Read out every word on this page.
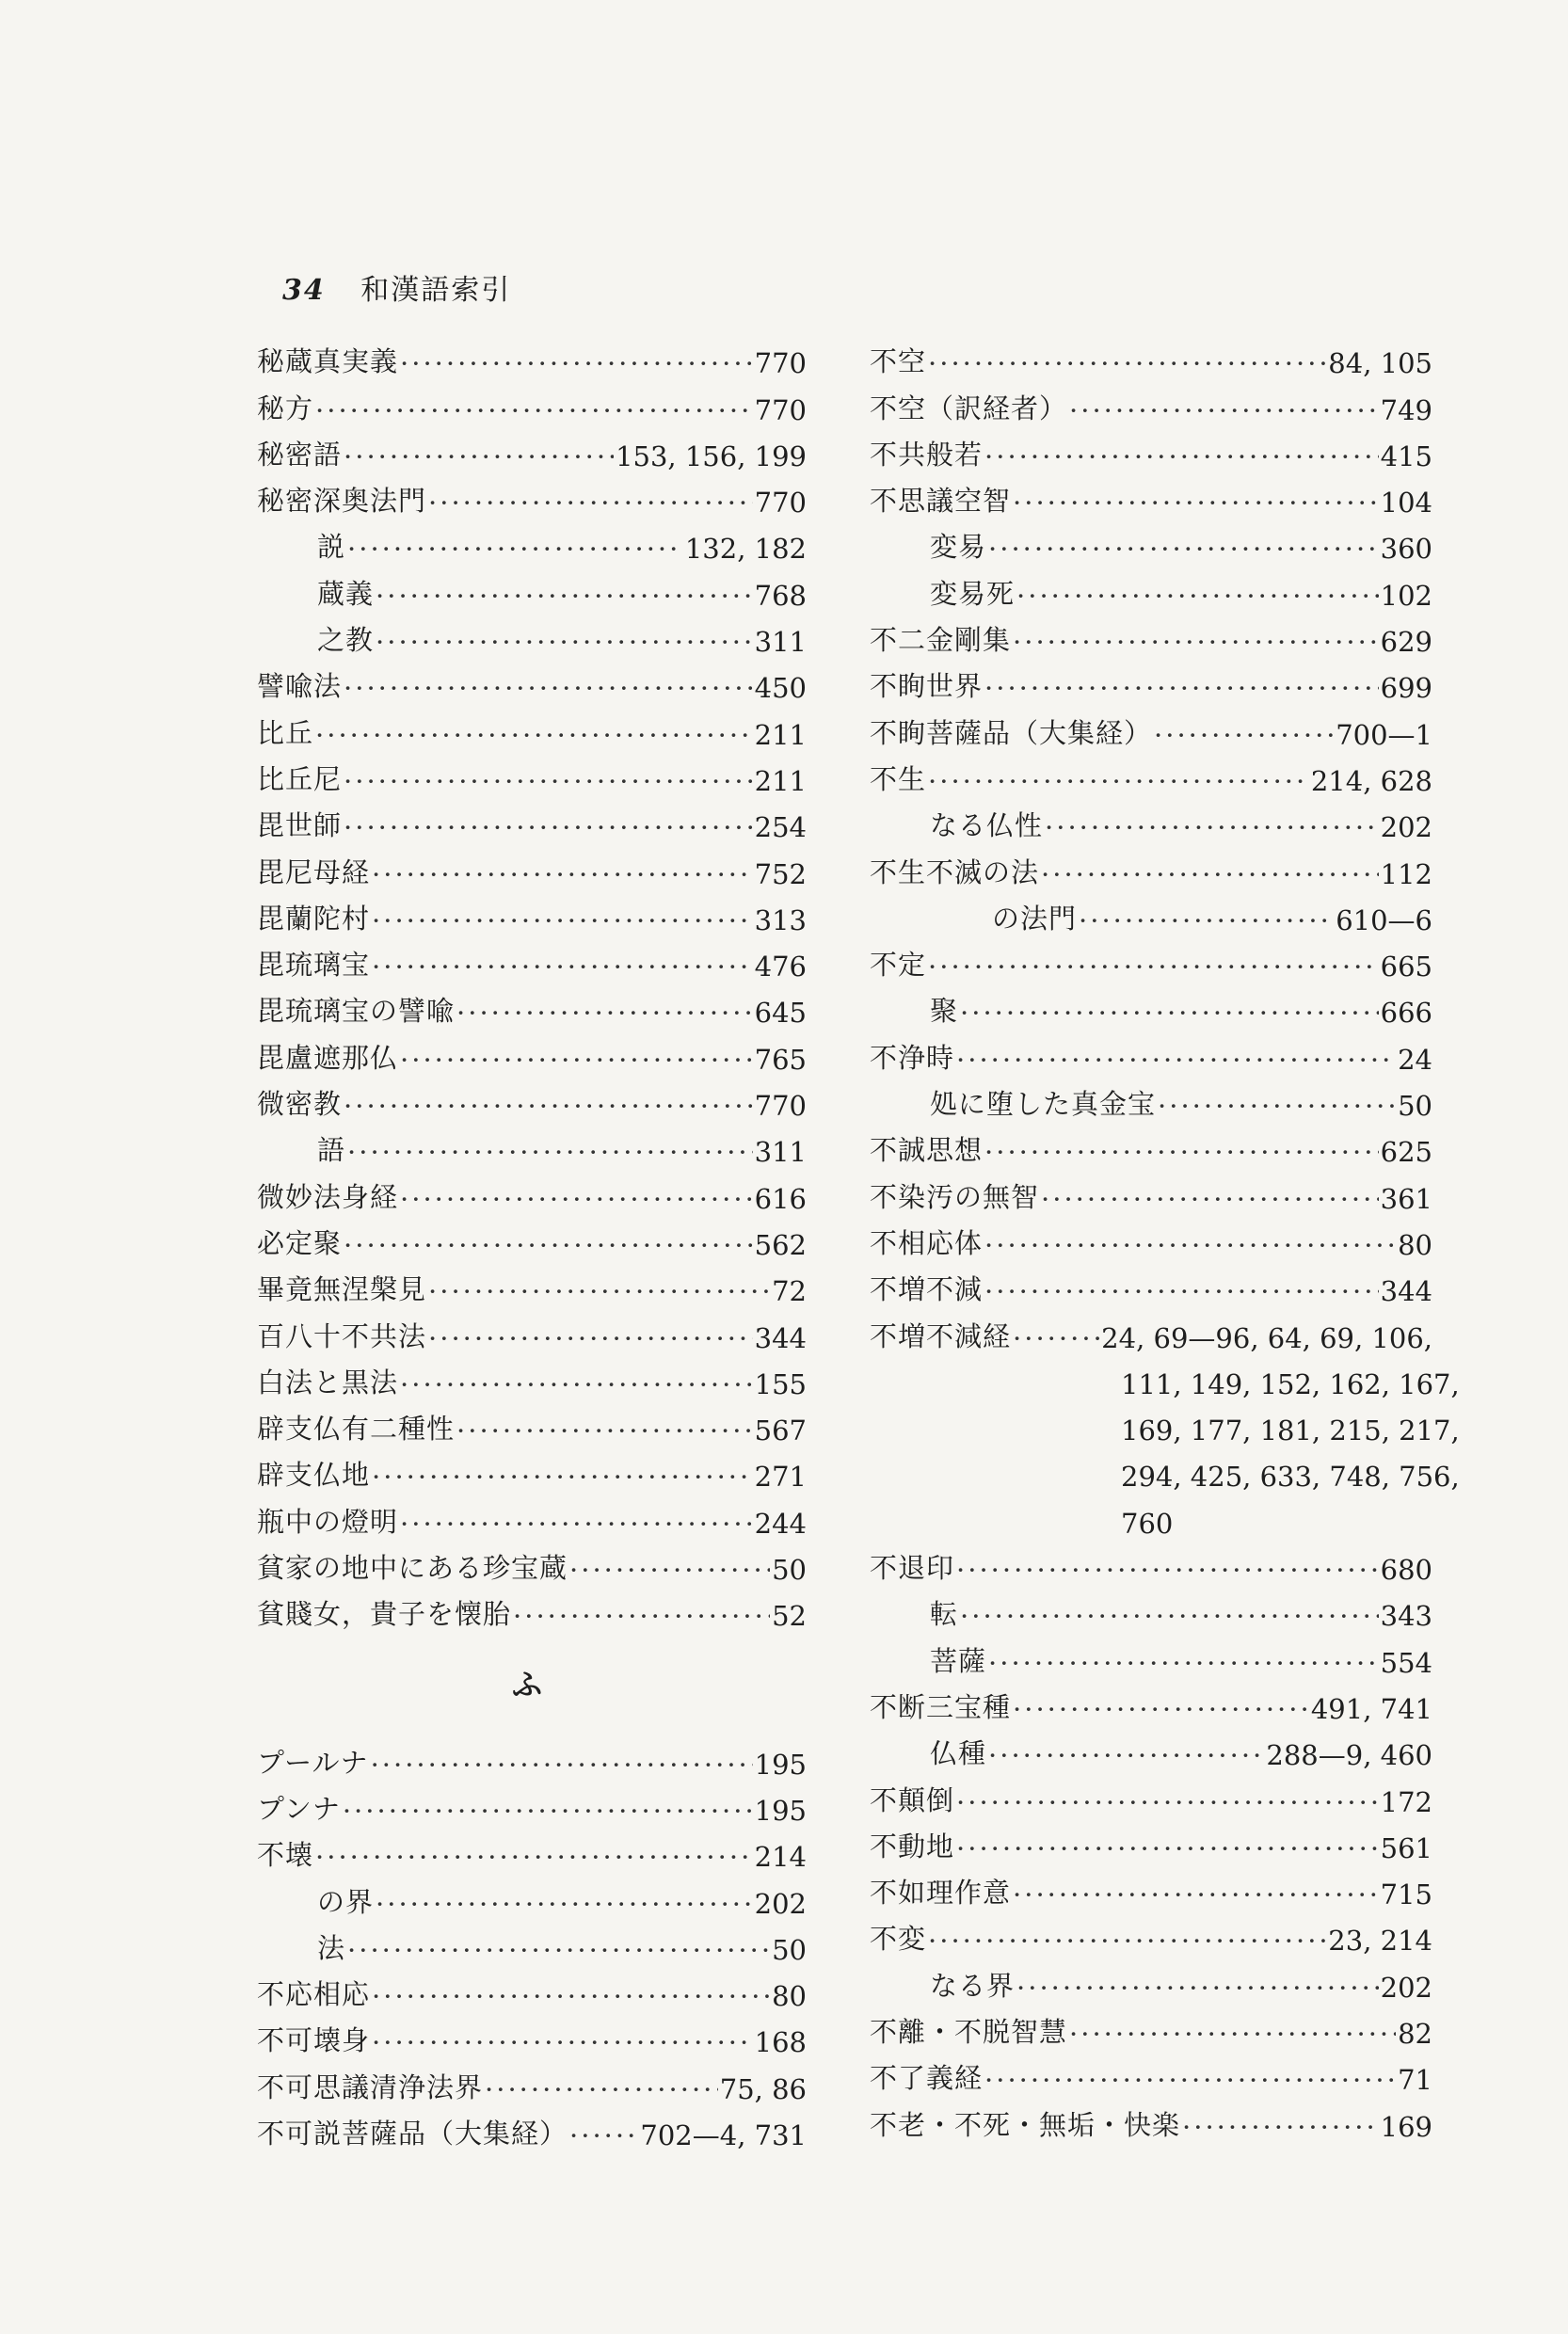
34 和漢語索引
秘蔵真実義 ·····	770
秘方 ·····	770
秘密語 ·····	153, 156, 199
秘密深奥法門 ·····	770
説 ·····	132, 182
蔵義 ·····	768
之教 ·····	311
譬喩法 ·····	450
比丘 ·····	211
比丘尼 ·····	211
毘世師 ·····	254
毘尼母経 ·····	752
毘蘭陀村 ·····	313
毘琉璃宝 ·····	476
毘琉璃宝の譬喩 ·····	645
毘盧遮那仏 ·····	765
微密教 ·····	770
語 ·····	311
微妙法身経 ·····	616
必定聚 ·····	562
畢竟無涅槃見 ·····	72
百八十不共法 ·····	344
白法と黒法 ·····	155
辟支仏有二種性 ·····	567
辟支仏地 ·····	271
瓶中の燈明 ·····	244
貧家の地中にある珍宝蔵 ·····	50
貧賤女，貴子を懐胎 ·····	52
ふ
プールナ ·····	195
プンナ ·····	195
不壊 ·····	214
の界 ·····	202
法 ·····	50
不応相応 ·····	80
不可壊身 ·····	168
不可思議清浄法界 ·····	75, 86
不可説菩薩品（大集経） ·····	702—4, 731
不空 ·····	84, 105
不空（訳経者） ·····	749
不共般若 ·····	415
不思議空智 ·····	104
変易 ·····	360
変易死 ·····	102
不二金剛集 ·····	629
不眴世界 ·····	699
不眴菩薩品（大集経） ·····	700—1
不生 ·····	214, 628
なる仏性 ·····	202
不生不滅の法 ·····	112
の法門 ·····	610—6
不定 ·····	665
聚 ·····	666
不浄時 ·····	24
処に堕した真金宝 ·····	50
不誠思想 ·····	625
不染汚の無智 ·····	361
不相応体 ·····	80
不増不減 ·····	344
不増不減経 ·····	24, 69—96, 64, 69, 106,
111, 149, 152, 162, 167,
169, 177, 181, 215, 217,
294, 425, 633, 748, 756,
760
不退印 ·····	680
転 ·····	343
菩薩 ·····	554
不断三宝種 ·····	491, 741
仏種 ·····	288—9, 460
不顛倒 ·····	172
不動地 ·····	561
不如理作意 ·····	715
不変 ·····	23, 214
なる界 ·····	202
不離・不脱智慧 ·····	82
不了義経 ·····	71
不老・不死・無垢・快楽 ·····	169
